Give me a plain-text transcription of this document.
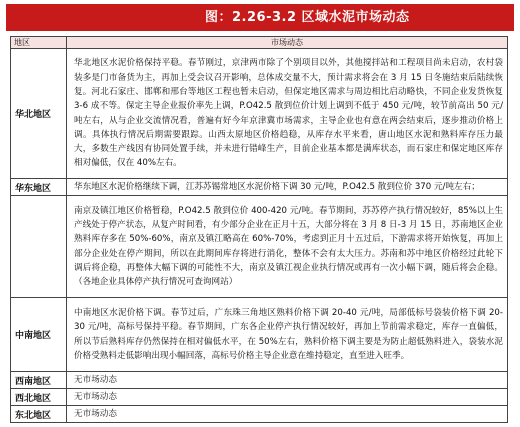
图：2.26-3.2 区域水泥市场动态
地区	市场动态
华北地区	华北地区水泥价格保持平稳。春节刚过，京津两市除了个别项目以外，其他搅拌站和工程项目尚未启动，农村袋装多是门市备货为主，再加上受会议召开影响，总体成交量不大，预计需求将会在 3 月 15 日冬施结束后陆续恢复。河北石家庄、邯郸和邢台等地区工程也暂未启动，但保定地区需求与周边相比启动略快，不同企业发货恢复 3-6 成不等。保定主导企业报价率先上调，P.O42.5 散到位价计划上调到不低于 450 元/吨，较节前高出 50 元/吨左右，从与企业交流情况看，普遍有好今年京津冀市场需求，主导企业也有意在两会结束后，逐步推动价格上调。具体执行情况后期需要跟踪。山西太原地区价格趋稳，从库存水平来看，唐山地区水泥和熟料库存压力最大，多数生产线因有协同处置手续，并未进行错峰生产，目前企业基本都是满库状态，而石家庄和保定地区库存相对偏低，仅在 40%左右。
华东地区	华东地区水泥价格继续下调，江苏苏锡常地区水泥价格下调 30 元/吨，P.O42.5 散到位价 370 元/吨左右；
	南京及镇江地区价格暂稳，P.O42.5 散到位价 400-420 元/吨。春节期间，苏苏停产执行情况较好，85%以上生产线处于停产状态，从复产时间看，有少部分企业在正月十五，大部分将在 3 月 8 日-3 月 15 日，苏南地区企业熟料库存多在 50%-60%，南京及镇江略高在 60%-70%，考虑到正月十五过后，下游需求将开始恢复，再加上部分企业处在停产期间，所以在此期间库存将进行消化，整体不会有太大压力。苏南和苏中地区价格经过此轮下调后将企稳，再整体大幅下调的可能性不大，南京及镇江视企业执行情况或再有一次小幅下调，随后将会企稳。（各地企业具体停产执行情况可查询网站）
中南地区	中南地区水泥价格下调。春节过后，广东珠三角地区熟料价格下调 20-40 元/吨，局部低标号袋装价格下调 20-30 元/吨，高标号保持平稳。春节期间，广东各企业停产执行情况较好，再加上节前需求稳定，库存一直偏低，所以节后熟料库存仍然保持在相对偏低水平，在 50%左右，熟料价格下调主要是为防止超低熟料进入，袋装水泥价格受熟料走低影响出现小幅回落，高标号价格主导企业意在维持稳定，直至进入旺季。
西南地区	无市场动态
西北地区	无市场动态
东北地区	无市场动态
